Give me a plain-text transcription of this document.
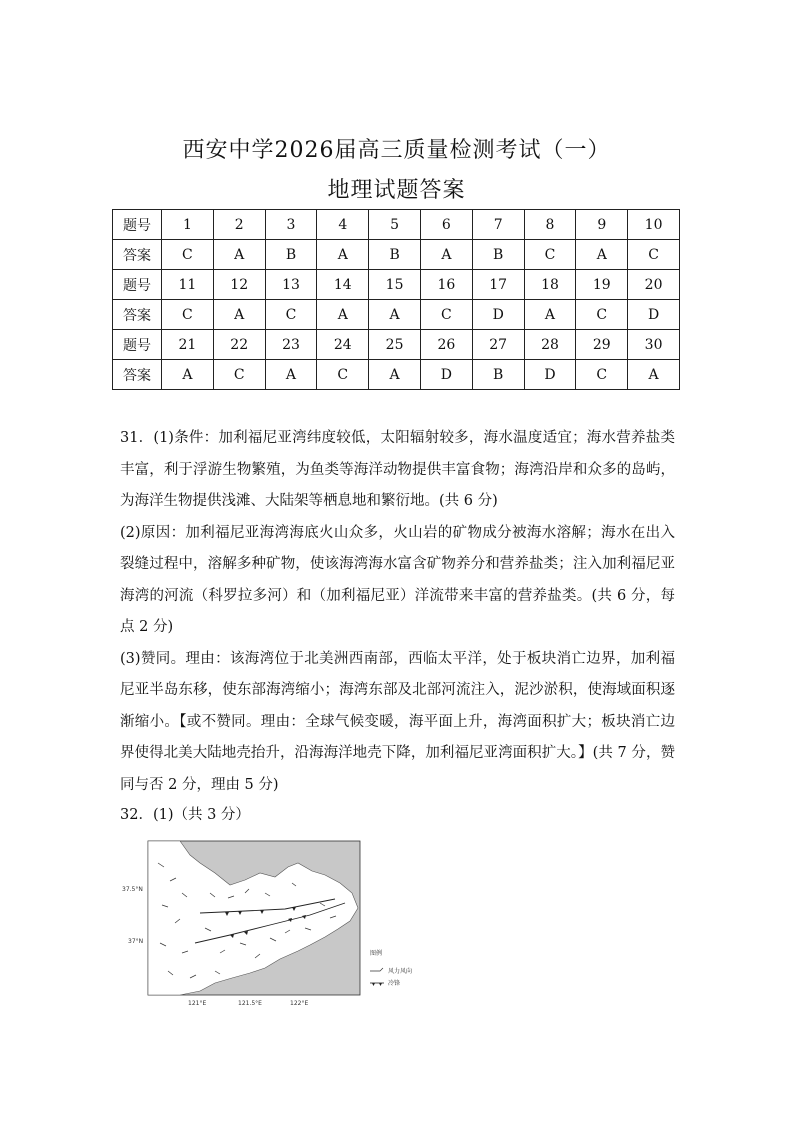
西安中学2026届高三质量检测考试（一）
地理试题答案
题号	1	2	3	4	5	6	7	8	9	10
答案	C	A	B	A	B	A	B	C	A	C
题号	11	12	13	14	15	16	17	18	19	20
答案	C	A	C	A	A	C	D	A	C	D
题号	21	22	23	24	25	26	27	28	29	30
答案	A	C	A	C	A	D	B	D	C	A
31．(1)条件：加利福尼亚湾纬度较低，太阳辐射较多，海水温度适宜；海水营养盐类丰富，利于浮游生物繁殖，为鱼类等海洋动物提供丰富食物；海湾沿岸和众多的岛屿，为海洋生物提供浅滩、大陆架等栖息地和繁衍地。(共 6 分)
(2)原因：加利福尼亚海湾海底火山众多，火山岩的矿物成分被海水溶解；海水在出入裂缝过程中，溶解多种矿物，使该海湾海水富含矿物养分和营养盐类；注入加利福尼亚海湾的河流（科罗拉多河）和（加利福尼亚）洋流带来丰富的营养盐类。(共 6 分，每点 2 分)
(3)赞同。理由：该海湾位于北美洲西南部，西临太平洋，处于板块消亡边界，加利福尼亚半岛东移，使东部海湾缩小；海湾东部及北部河流注入，泥沙淤积，使海域面积逐渐缩小。【或不赞同。理由：全球气候变暖，海平面上升，海湾面积扩大；板块消亡边界使得北美大陆地壳抬升，沿海海洋地壳下降，加利福尼亚湾面积扩大。】(共 7 分，赞同与否 2 分，理由 5 分)
32．(1)（共 3 分）
37.5°N
37°N
121°E	121.5°E	122°E
图例
风力风向
冷锋
